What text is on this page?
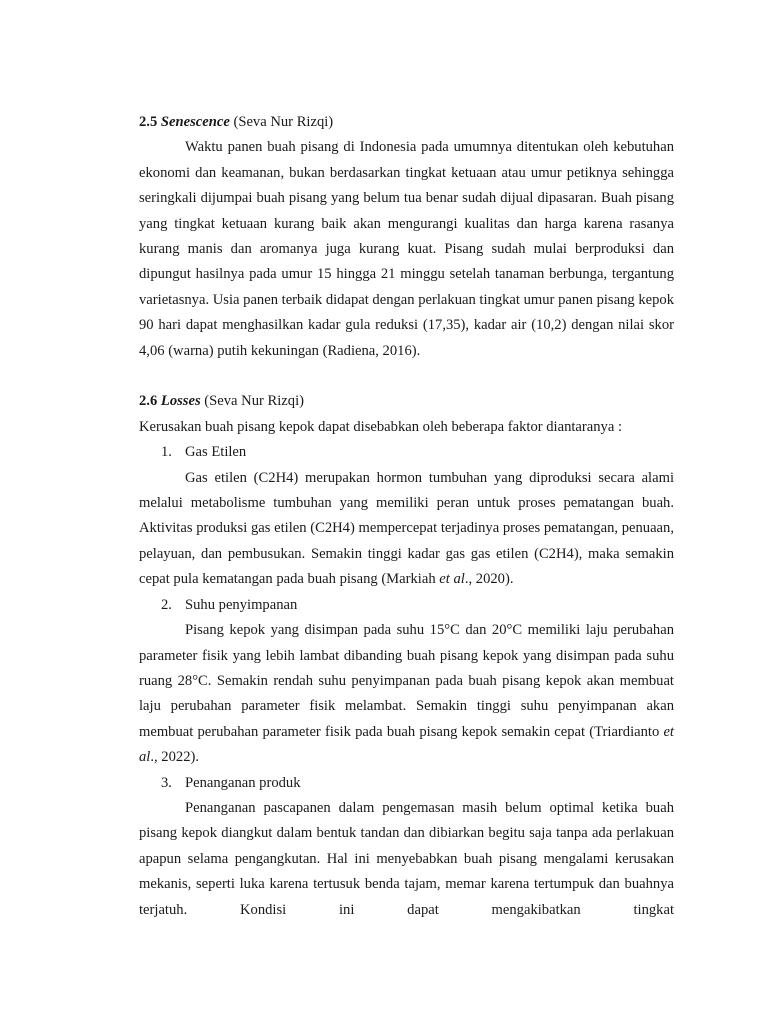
2.5 Senescence (Seva Nur Rizqi)

Waktu panen buah pisang di Indonesia pada umumnya ditentukan oleh kebutuhan ekonomi dan keamanan, bukan berdasarkan tingkat ketuaan atau umur petiknya sehingga seringkali dijumpai buah pisang yang belum tua benar sudah dijual dipasaran. Buah pisang yang tingkat ketuaan kurang baik akan mengurangi kualitas dan harga karena rasanya kurang manis dan aromanya juga kurang kuat. Pisang sudah mulai berproduksi dan dipungut hasilnya pada umur 15 hingga 21 minggu setelah tanaman berbunga, tergantung varietasnya. Usia panen terbaik didapat dengan perlakuan tingkat umur panen pisang kepok 90 hari dapat menghasilkan kadar gula reduksi (17,35), kadar air (10,2) dengan nilai skor 4,06 (warna) putih kekuningan (Radiena, 2016).

2.6 Losses (Seva Nur Rizqi)

Kerusakan buah pisang kepok dapat disebabkan oleh beberapa faktor diantaranya :

1. Gas Etilen

Gas etilen (C2H4) merupakan hormon tumbuhan yang diproduksi secara alami melalui metabolisme tumbuhan yang memiliki peran untuk proses pematangan buah. Aktivitas produksi gas etilen (C2H4) mempercepat terjadinya proses pematangan, penuaan, pelayuan, dan pembusukan. Semakin tinggi kadar gas gas etilen (C2H4), maka semakin cepat pula kematangan pada buah pisang (Markiah et al., 2020).

2. Suhu penyimpanan

Pisang kepok yang disimpan pada suhu 15°C dan 20°C memiliki laju perubahan parameter fisik yang lebih lambat dibanding buah pisang kepok yang disimpan pada suhu ruang 28°C. Semakin rendah suhu penyimpanan pada buah pisang kepok akan membuat laju perubahan parameter fisik melambat. Semakin tinggi suhu penyimpanan akan membuat perubahan parameter fisik pada buah pisang kepok semakin cepat (Triardianto et al., 2022).

3. Penanganan produk

Penanganan pascapanen dalam pengemasan masih belum optimal ketika buah pisang kepok diangkut dalam bentuk tandan dan dibiarkan begitu saja tanpa ada perlakuan apapun selama pengangkutan. Hal ini menyebabkan buah pisang mengalami kerusakan mekanis, seperti luka karena tertusuk benda tajam, memar karena tertumpuk dan buahnya terjatuh. Kondisi ini dapat mengakibatkan tingkat
